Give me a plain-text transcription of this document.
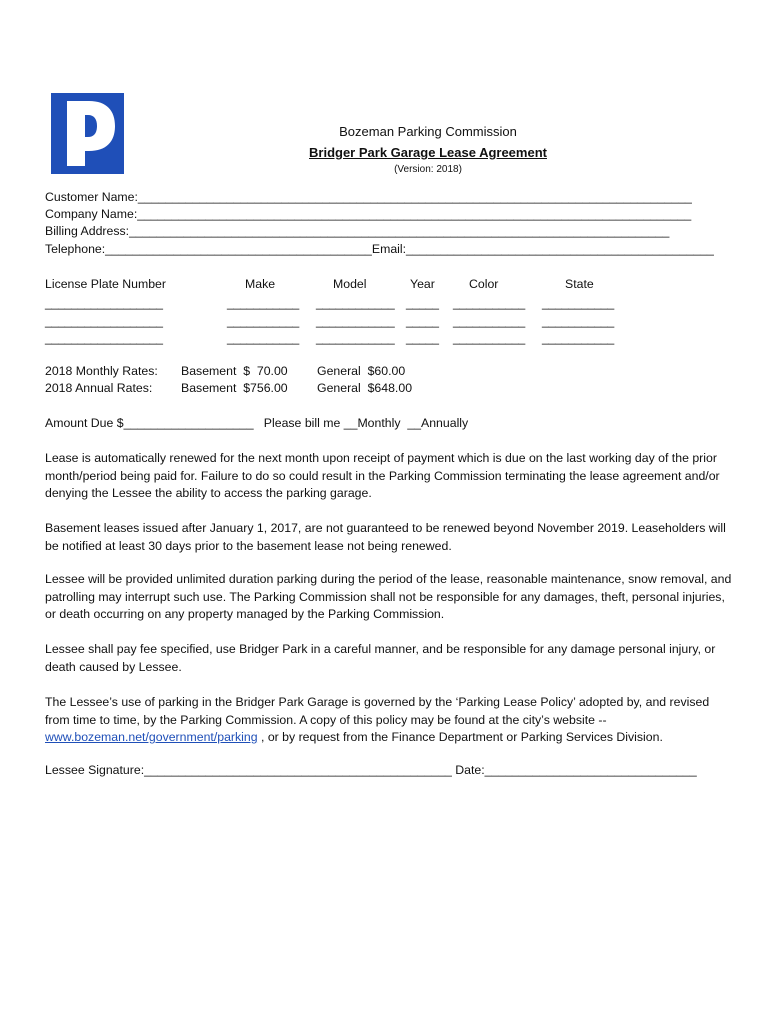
Bozeman Parking Commission
Bridger Park Garage Lease Agreement
(Version: 2018)
Customer Name:_________________________________________________________________________________
Company Name:_________________________________________________________________________________
Billing Address:_______________________________________________________________________________
Telephone:_______________________________________Email:_____________________________________________
License Plate Number	Make	Model	Year	Color	State
__________________	___________ ____________ _____ ___________ ___________
__________________	___________ ____________ _____ ___________ ___________
__________________	___________ ____________ _____ ___________ ___________
2018 Monthly Rates: Basement  $  70.00 General  $60.00
2018 Annual Rates: Basement  $756.00 General  $648.00
Amount Due $___________________   Please bill me __Monthly  __Annually
Lease is automatically renewed for the next month upon receipt of payment which is due on the last working day of the prior month/period being paid for. Failure to do so could result in the Parking Commission terminating the lease agreement and/or denying the Lessee the ability to access the parking garage.
Basement leases issued after January 1, 2017, are not guaranteed to be renewed beyond November 2019. Leaseholders will be notified at least 30 days prior to the basement lease not being renewed.
Lessee will be provided unlimited duration parking during the period of the lease, reasonable maintenance, snow removal, and patrolling may interrupt such use. The Parking Commission shall not be responsible for any damages, theft, personal injuries, or death occurring on any property managed by the Parking Commission.
Lessee shall pay fee specified, use Bridger Park in a careful manner, and be responsible for any damage personal injury, or death caused by Lessee.
The Lessee’s use of parking in the Bridger Park Garage is governed by the ‘Parking Lease Policy’ adopted by, and revised from time to time, by the Parking Commission. A copy of this policy may be found at the city’s website -- www.bozeman.net/government/parking , or by request from the Finance Department or Parking Services Division.
Lessee Signature:_____________________________________________ Date:_______________________________
